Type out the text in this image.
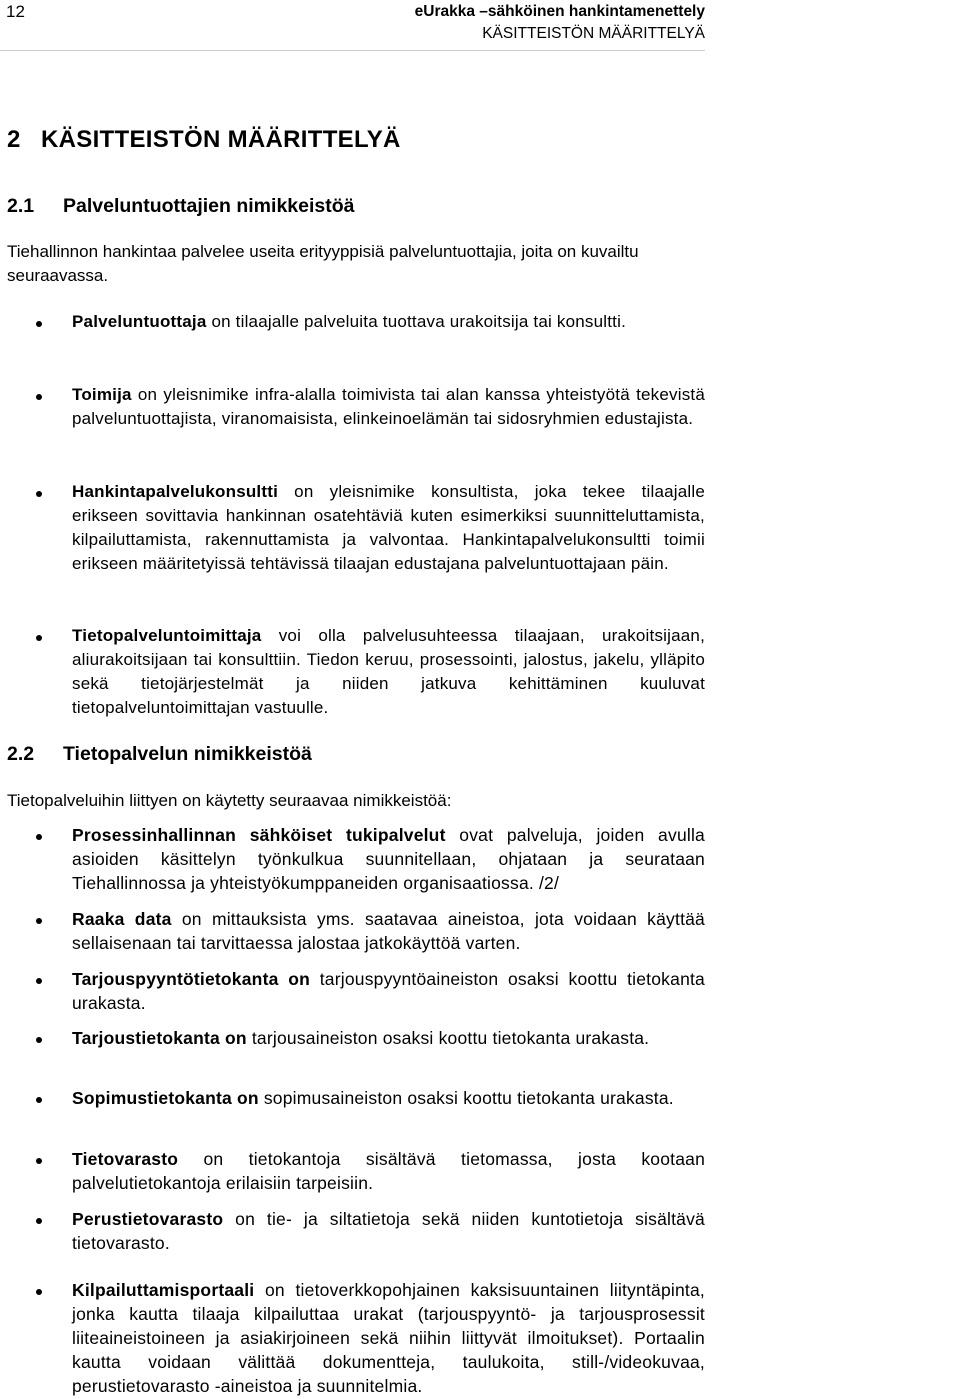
12	eUrakka –sähköinen hankintamenettely
KÄSITTEISTÖN MÄÄRITTELYÄ
2 KÄSITTEISTÖN MÄÄRITTELYÄ
2.1 Palveluntuottajien nimikkeistöä
Tiehallinnon hankintaa palvelee useita erityyppisiä palveluntuottajia, joita on kuvailtu seuraavassa.
Palveluntuottaja on tilaajalle palveluita tuottava urakoitsija tai konsultti.
Toimija on yleisnimike infra-alalla toimivista tai alan kanssa yhteistyötä tekevistä palveluntuottajista, viranomaisista, elinkeinoelämän tai sidosryhmien edustajista.
Hankintapalvelukonsultti on yleisnimike konsultista, joka tekee tilaajalle erikseen sovittavia hankinnan osatehtäviä kuten esimerkiksi suunnitteluttamista, kilpailuttamista, rakennuttamista ja valvontaa. Hankintapalvelukonsultti toimii erikseen määritetyissä tehtävissä tilaajan edustajana palveluntuottajaan päin.
Tietopalveluntoimittaja voi olla palvelusuhteessa tilaajaan, urakoitsijaan, aliurakoitsijaan tai konsulttiin. Tiedon keruu, prosessointi, jalostus, jakelu, ylläpito sekä tietojärjestelmät ja niiden jatkuva kehittäminen kuuluvat tietopalveluntoimittajan vastuulle.
2.2 Tietopalvelun nimikkeistöä
Tietopalveluihin liittyen on käytetty seuraavaa nimikkeistöä:
Prosessinhallinnan sähköiset tukipalvelut ovat palveluja, joiden avulla asioiden käsittelyn työnkulkua suunnitellaan, ohjataan ja seurataan Tiehallinnossa ja yhteistyökumppaneiden organisaatiossa. /2/
Raaka data on mittauksista yms. saatavaa aineistoa, jota voidaan käyttää sellaisenaan tai tarvittaessa jalostaa jatkokäyttöä varten.
Tarjouspyyntötietokanta on tarjouspyyntöaineiston osaksi koottu tietokanta urakasta.
Tarjoustietokanta on tarjousaineiston osaksi koottu tietokanta urakasta.
Sopimustietokanta on sopimusaineiston osaksi koottu tietokanta urakasta.
Tietovarasto on tietokantoja sisältävä tietomassa, josta kootaan palvelutietokantoja erilaisiin tarpeisiin.
Perustietovarasto on tie- ja siltatietoja sekä niiden kuntotietoja sisältävä tietovarasto.
Kilpailuttamisportaali on tietoverkkopohjainen kaksisuuntainen liityntäpinta, jonka kautta tilaaja kilpailuttaa urakat (tarjouspyyntö- ja tarjousprosessit liiteaineistoineen ja asiakirjoineen sekä niihin liittyvät ilmoitukset). Portaalin kautta voidaan välittää dokumentteja, taulukoita, still-/videokuvaa, perustietovarasto -aineistoa ja suunnitelmia.
